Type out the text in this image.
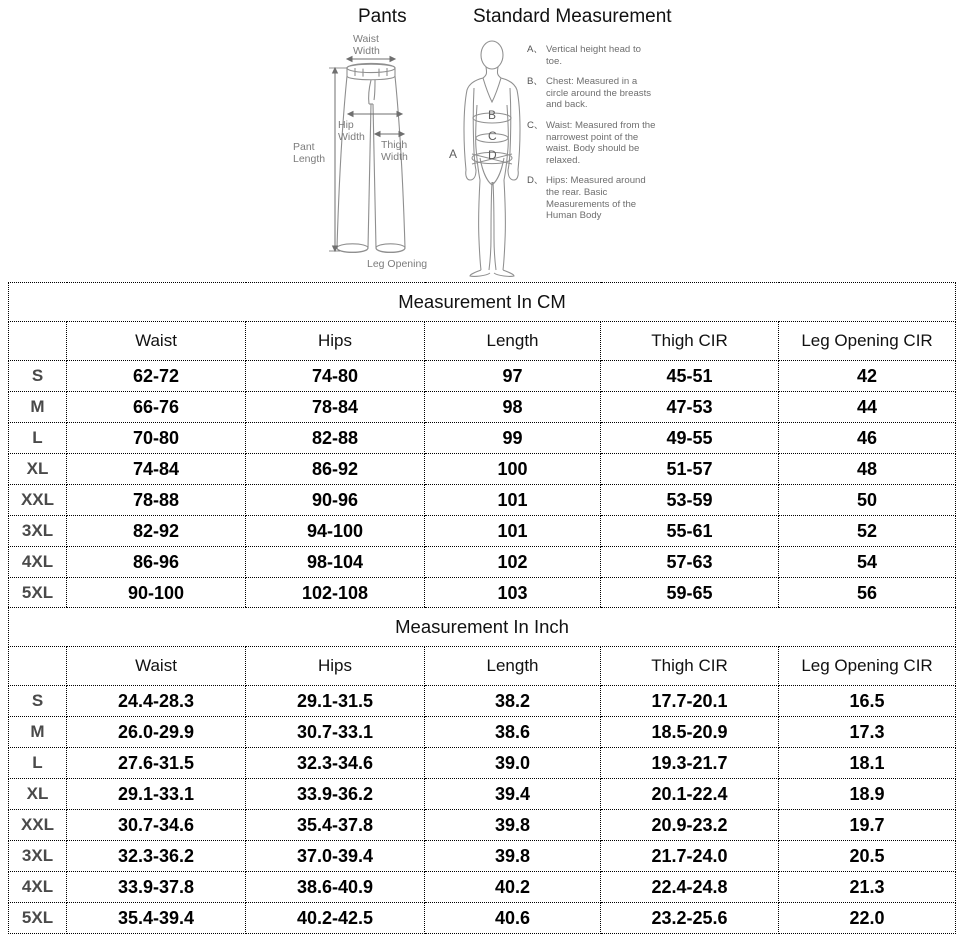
Pants	Standard Measurement
Waist
Width
Hip
Width
Thigh
Width
Pant
Length
Leg Opening
A
B
C
D
A、 Vertical height head to toe.
B、 Chest: Measured in a circle around the breasts and back.
C、 Waist: Measured from the narrowest point of the waist. Body should be relaxed.
D、 Hips: Measured around the rear. Basic Measurements of the Human Body
Measurement In CM					
	Waist	Hips	Length	Thigh CIR	Leg Opening CIR
S	62-72	74-80	97	45-51	42
M	66-76	78-84	98	47-53	44
L	70-80	82-88	99	49-55	46
XL	74-84	86-92	100	51-57	48
XXL	78-88	90-96	101	53-59	50
3XL	82-92	94-100	101	55-61	52
4XL	86-96	98-104	102	57-63	54
5XL	90-100	102-108	103	59-65	56
Measurement In Inch					
	Waist	Hips	Length	Thigh CIR	Leg Opening CIR
S	24.4-28.3	29.1-31.5	38.2	17.7-20.1	16.5
M	26.0-29.9	30.7-33.1	38.6	18.5-20.9	17.3
L	27.6-31.5	32.3-34.6	39.0	19.3-21.7	18.1
XL	29.1-33.1	33.9-36.2	39.4	20.1-22.4	18.9
XXL	30.7-34.6	35.4-37.8	39.8	20.9-23.2	19.7
3XL	32.3-36.2	37.0-39.4	39.8	21.7-24.0	20.5
4XL	33.9-37.8	38.6-40.9	40.2	22.4-24.8	21.3
5XL	35.4-39.4	40.2-42.5	40.6	23.2-25.6	22.0
